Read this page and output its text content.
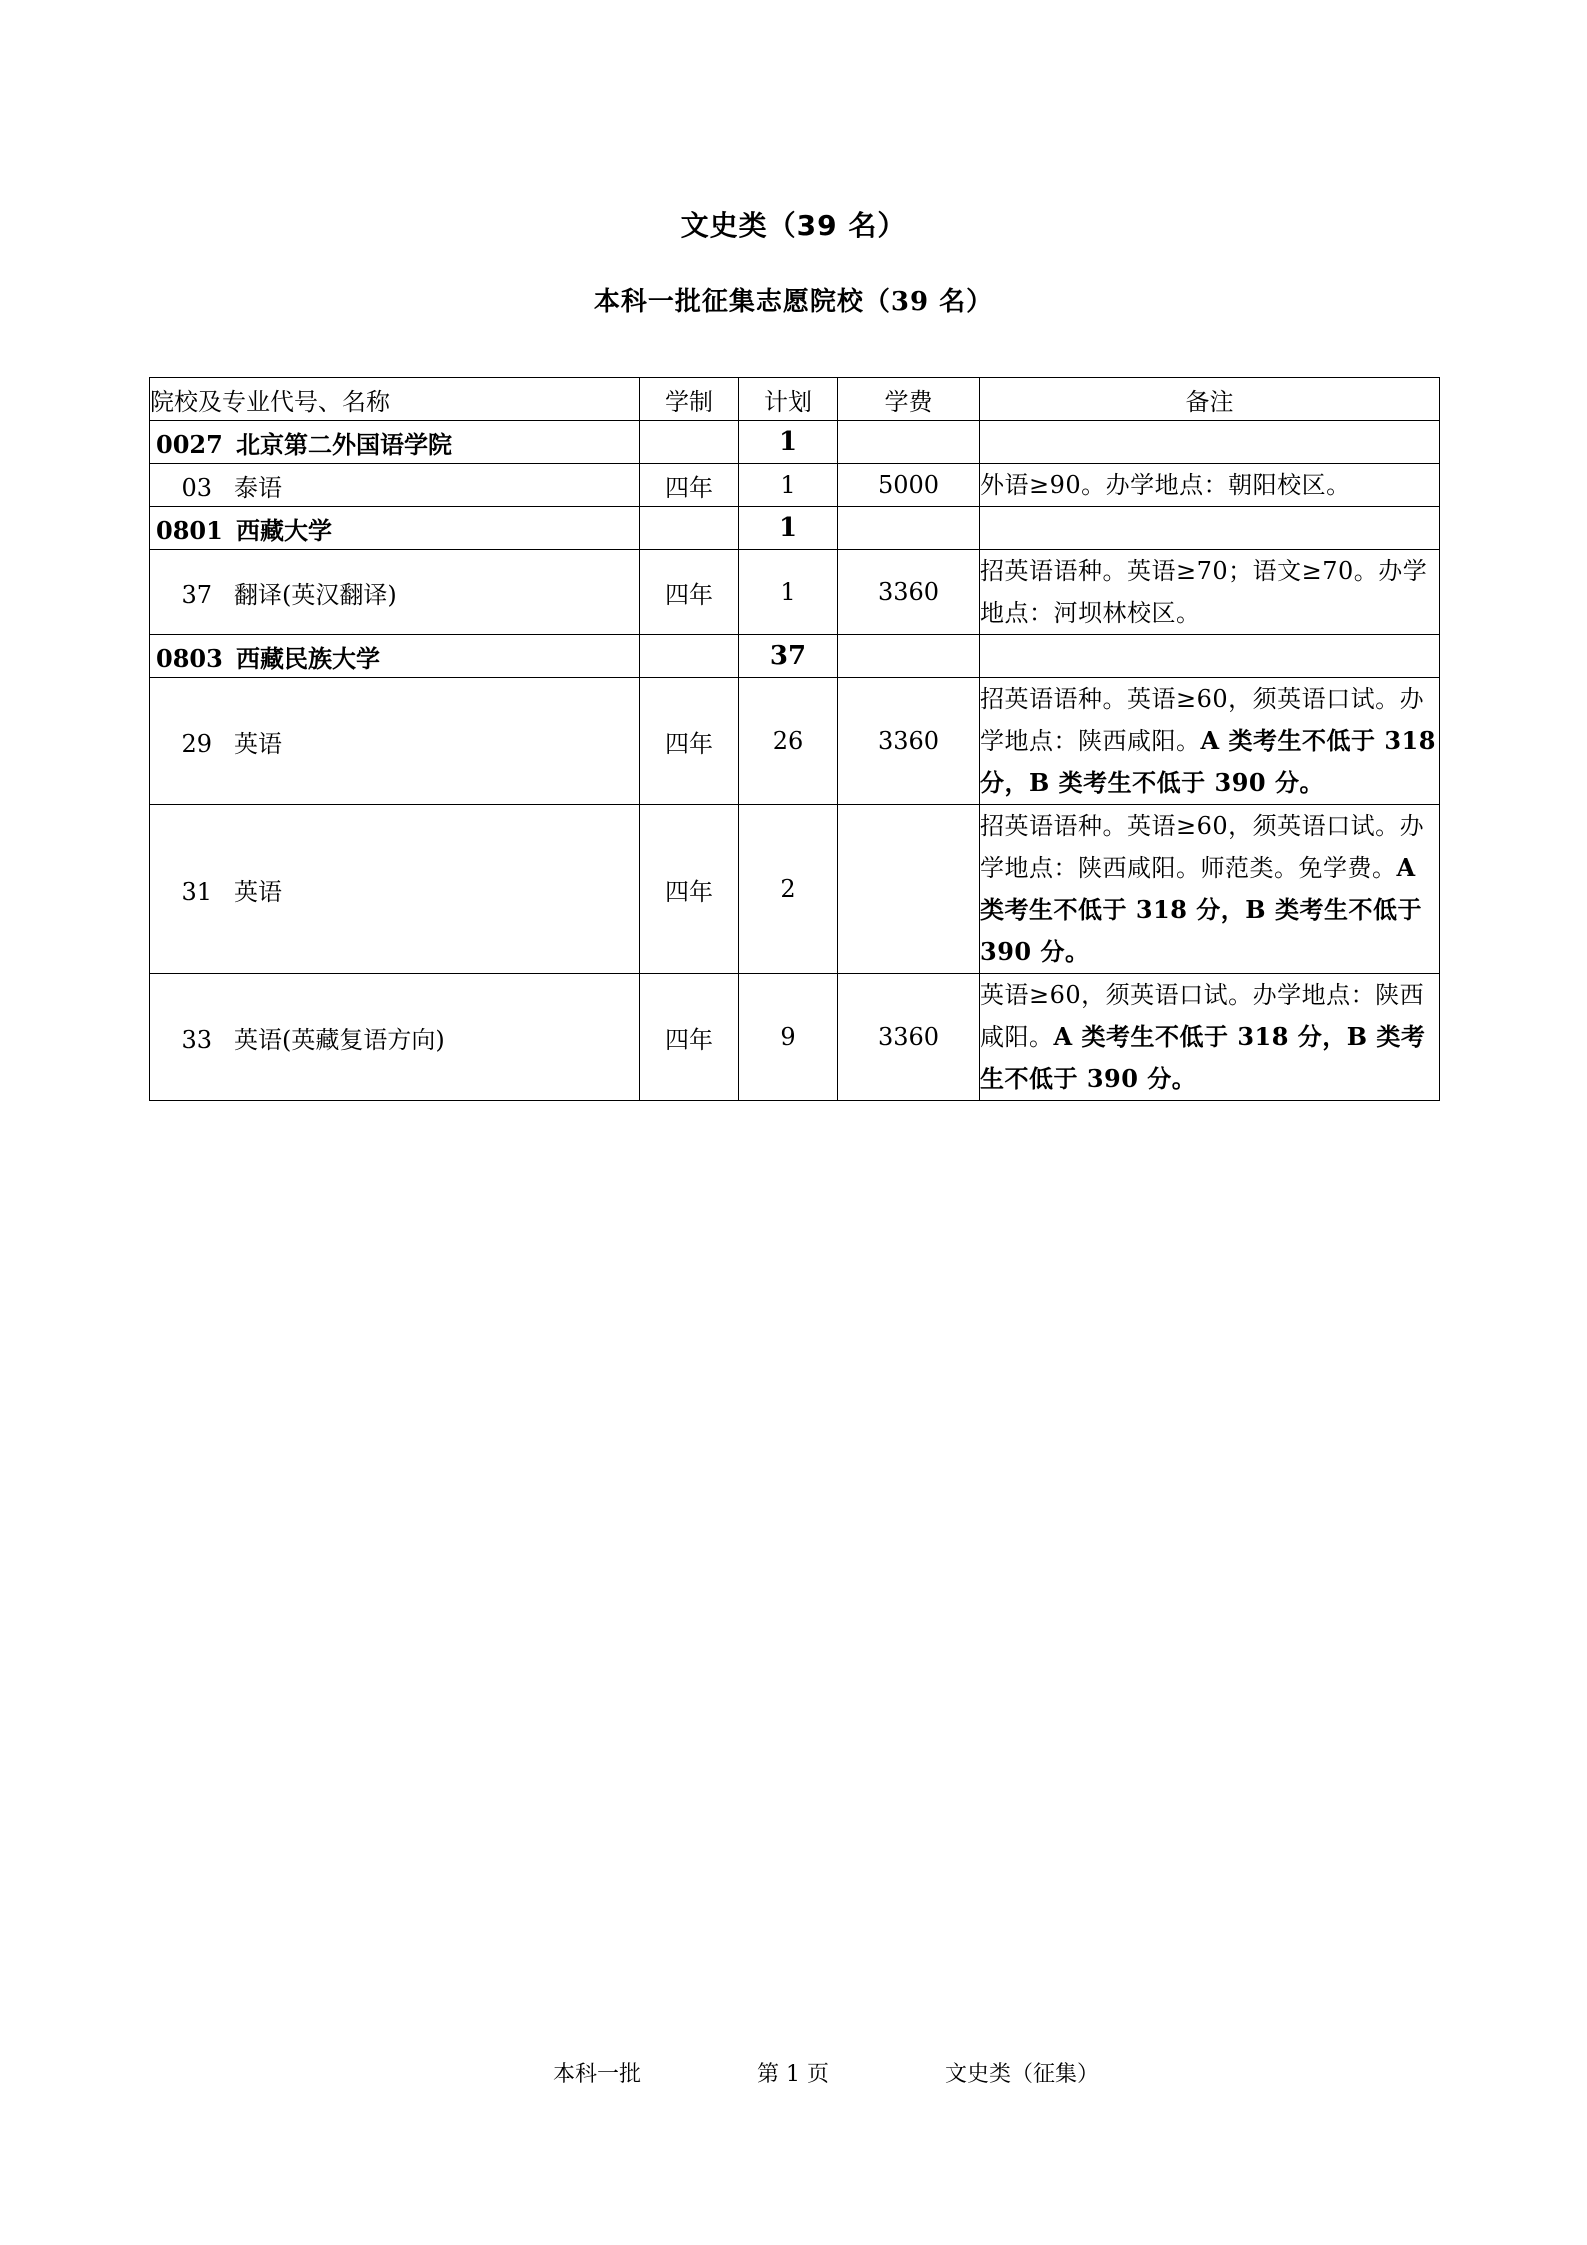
文史类（39 名）
本科一批征集志愿院校（39 名）
院校及专业代号、名称	学制	计划	学费	备注
0027 北京第二外国语学院		1		
03 泰语	四年	1	5000	外语≥90。办学地点：朝阳校区。
0801 西藏大学		1		
37 翻译(英汉翻译)	四年	1	3360	招英语语种。英语≥70；语文≥70。办学地点：河坝林校区。
0803 西藏民族大学		37		
29 英语	四年	26	3360	招英语语种。英语≥60，须英语口试。办学地点：陕西咸阳。A 类考生不低于 318 分，B 类考生不低于 390 分。
31 英语	四年	2		招英语语种。英语≥60，须英语口试。办学地点：陕西咸阳。师范类。免学费。A 类考生不低于 318 分，B 类考生不低于 390 分。
33 英语(英藏复语方向)	四年	9	3360	英语≥60，须英语口试。办学地点：陕西咸阳。A 类考生不低于 318 分，B 类考生不低于 390 分。
本科一批	第 1 页	文史类（征集）
